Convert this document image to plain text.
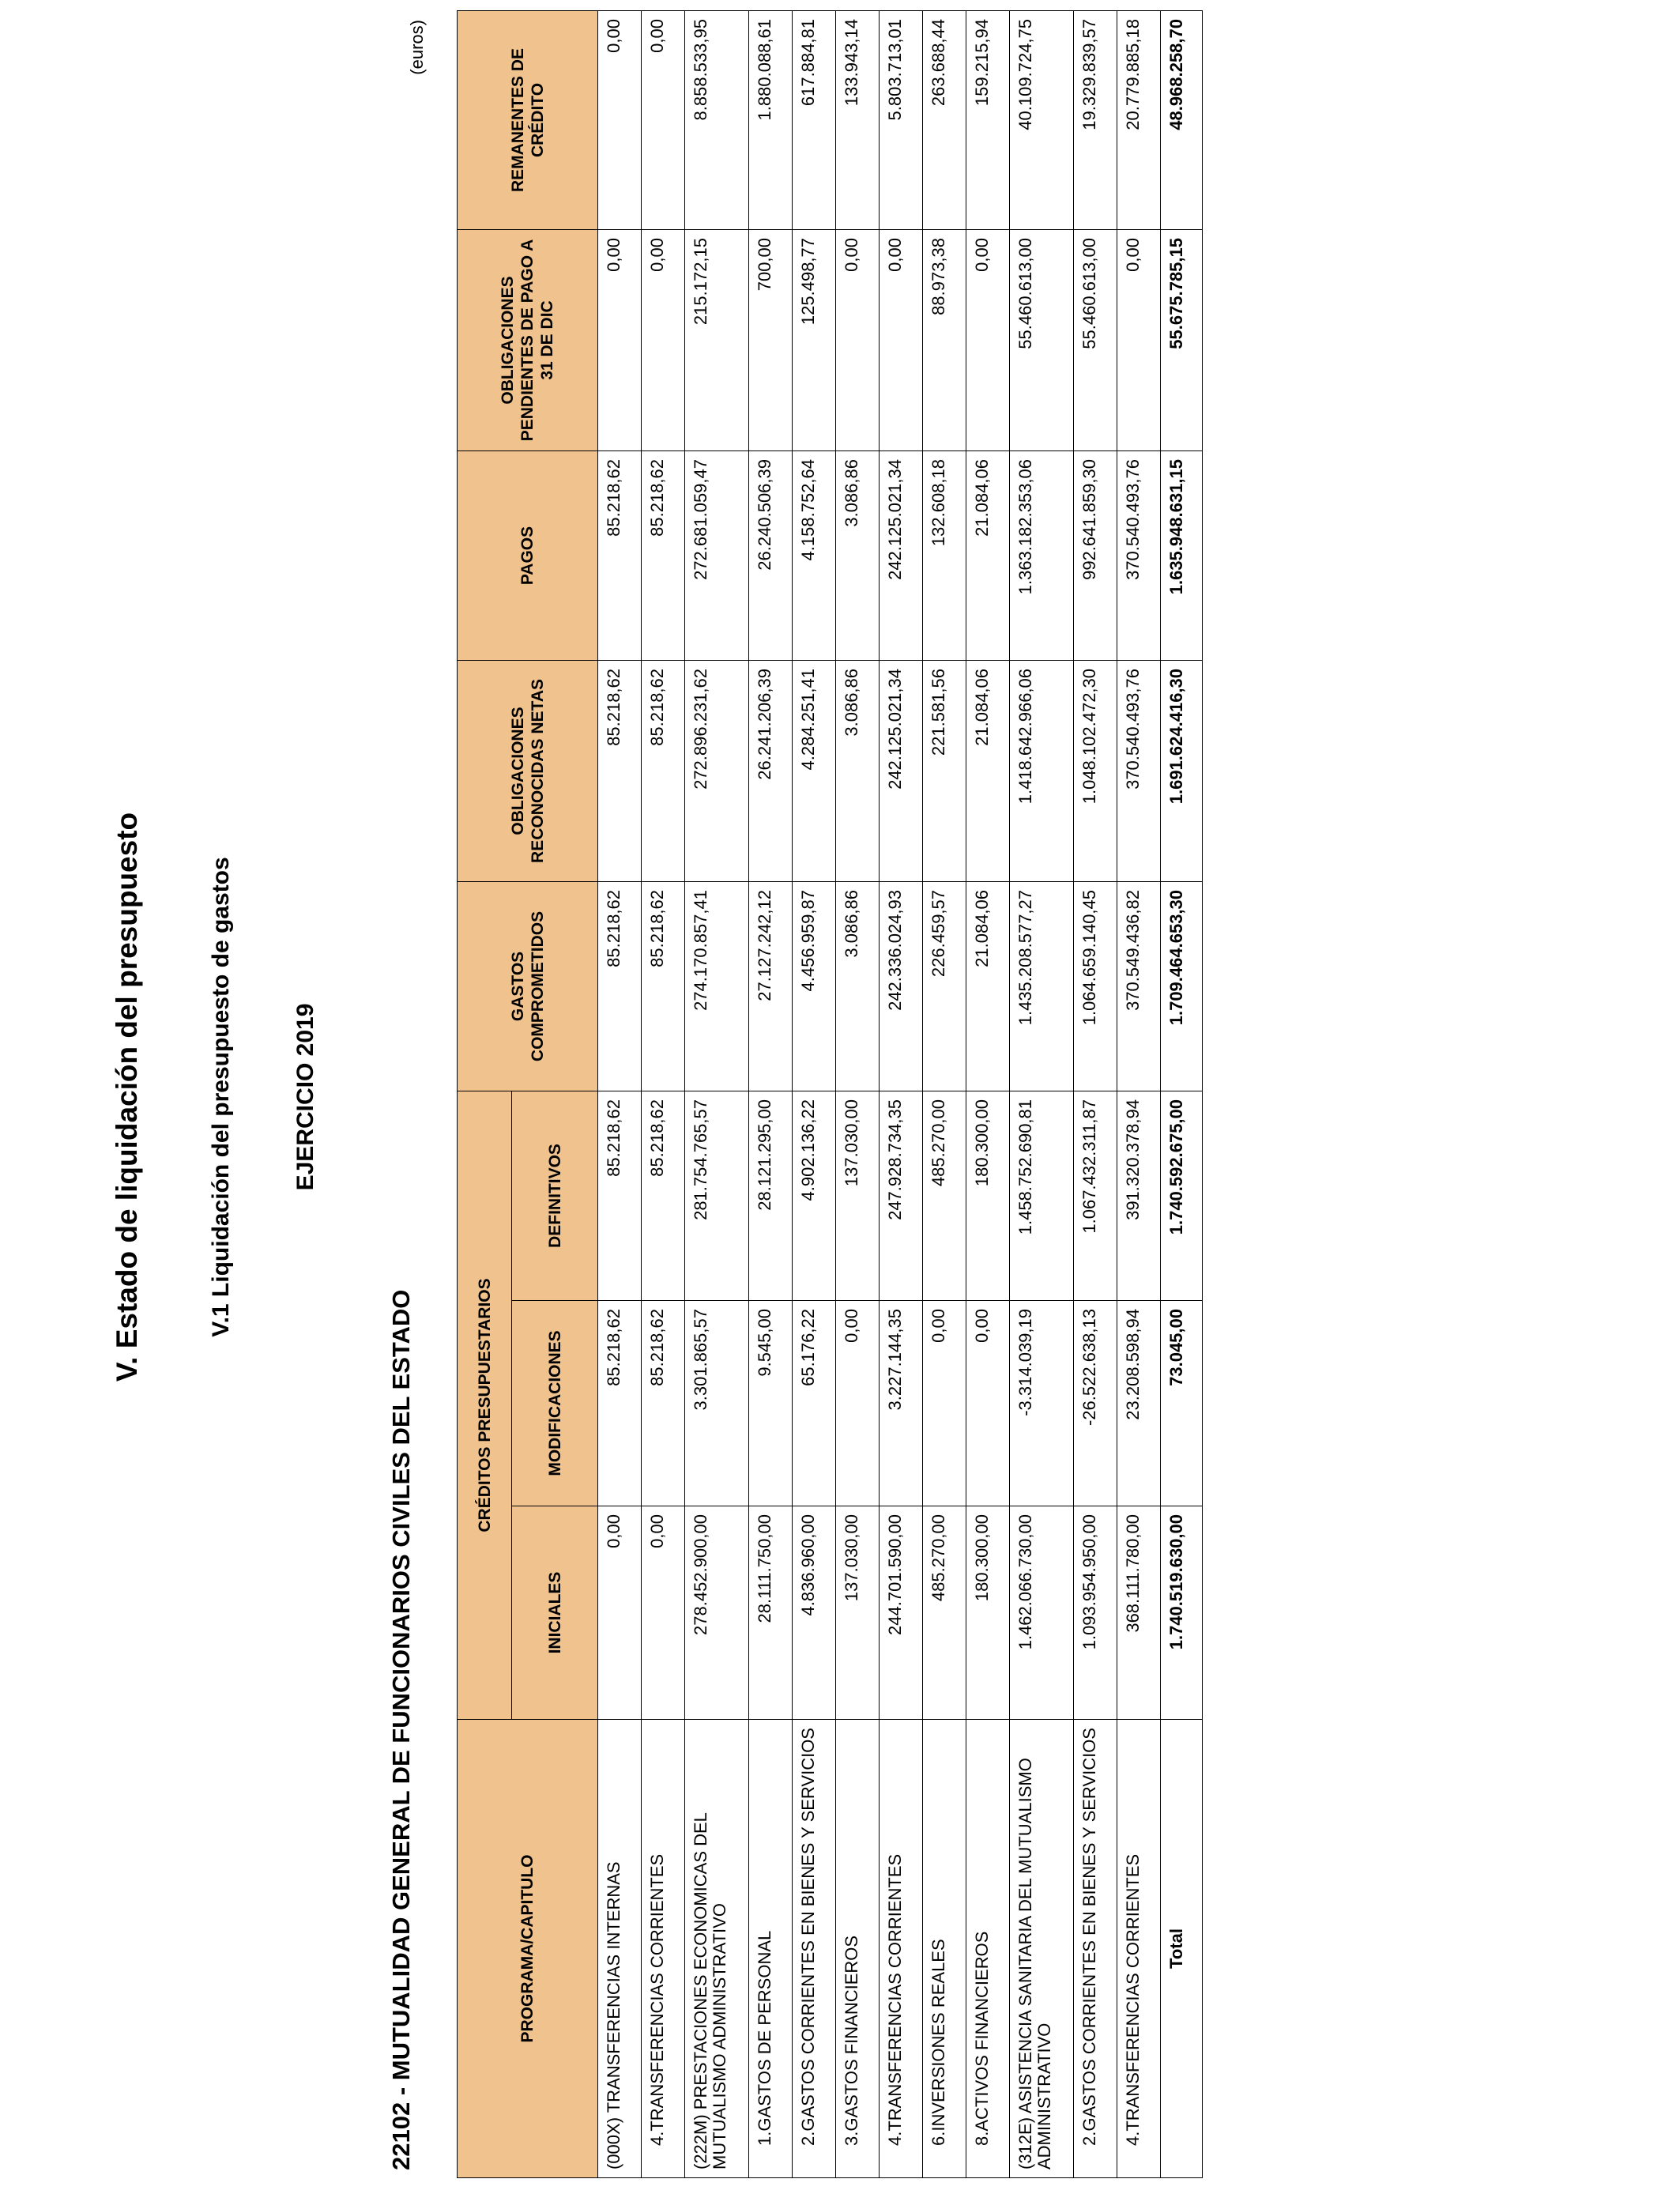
V. Estado de liquidación del presupuesto	V.1 Liquidación del presupuesto de gastos EJERCICIO 2019
22102 - MUTUALIDAD GENERAL DE FUNCIONARIOS CIVILES DEL ESTADO
(euros)
PROGRAMA/CAPITULO	CRÉDITOS PRESUPUESTARIOS			GASTOS COMPROMETIDOS	OBLIGACIONES RECONOCIDAS NETAS	PAGOS	OBLIGACIONES PENDIENTES DE PAGO A 31 DE DIC	REMANENTES DE CRÉDITO
	INICIALES	MODIFICACIONES	DEFINITIVOS					
(000X) TRANSFERENCIAS INTERNAS	0,00	85.218,62	85.218,62	85.218,62	85.218,62	85.218,62	0,00	0,00
4.TRANSFERENCIAS CORRIENTES	0,00	85.218,62	85.218,62	85.218,62	85.218,62	85.218,62	0,00	0,00
(222M) PRESTACIONES ECONOMICAS DEL MUTUALISMO ADMINISTRATIVO	278.452.900,00	3.301.865,57	281.754.765,57	274.170.857,41	272.896.231,62	272.681.059,47	215.172,15	8.858.533,95
1.GASTOS DE PERSONAL	28.111.750,00	9.545,00	28.121.295,00	27.127.242,12	26.241.206,39	26.240.506,39	700,00	1.880.088,61
2.GASTOS CORRIENTES EN BIENES Y SERVICIOS	4.836.960,00	65.176,22	4.902.136,22	4.456.959,87	4.284.251,41	4.158.752,64	125.498,77	617.884,81
3.GASTOS FINANCIEROS	137.030,00	0,00	137.030,00	3.086,86	3.086,86	3.086,86	0,00	133.943,14
4.TRANSFERENCIAS CORRIENTES	244.701.590,00	3.227.144,35	247.928.734,35	242.336.024,93	242.125.021,34	242.125.021,34	0,00	5.803.713,01
6.INVERSIONES REALES	485.270,00	0,00	485.270,00	226.459,57	221.581,56	132.608,18	88.973,38	263.688,44
8.ACTIVOS FINANCIEROS	180.300,00	0,00	180.300,00	21.084,06	21.084,06	21.084,06	0,00	159.215,94
(312E) ASISTENCIA SANITARIA DEL MUTUALISMO ADMINISTRATIVO	1.462.066.730,00	-3.314.039,19	1.458.752.690,81	1.435.208.577,27	1.418.642.966,06	1.363.182.353,06	55.460.613,00	40.109.724,75
2.GASTOS CORRIENTES EN BIENES Y SERVICIOS	1.093.954.950,00	-26.522.638,13	1.067.432.311,87	1.064.659.140,45	1.048.102.472,30	992.641.859,30	55.460.613,00	19.329.839,57
4.TRANSFERENCIAS CORRIENTES	368.111.780,00	23.208.598,94	391.320.378,94	370.549.436,82	370.540.493,76	370.540.493,76	0,00	20.779.885,18
Total	1.740.519.630,00	73.045,00	1.740.592.675,00	1.709.464.653,30	1.691.624.416,30	1.635.948.631,15	55.675.785,15	48.968.258,70
